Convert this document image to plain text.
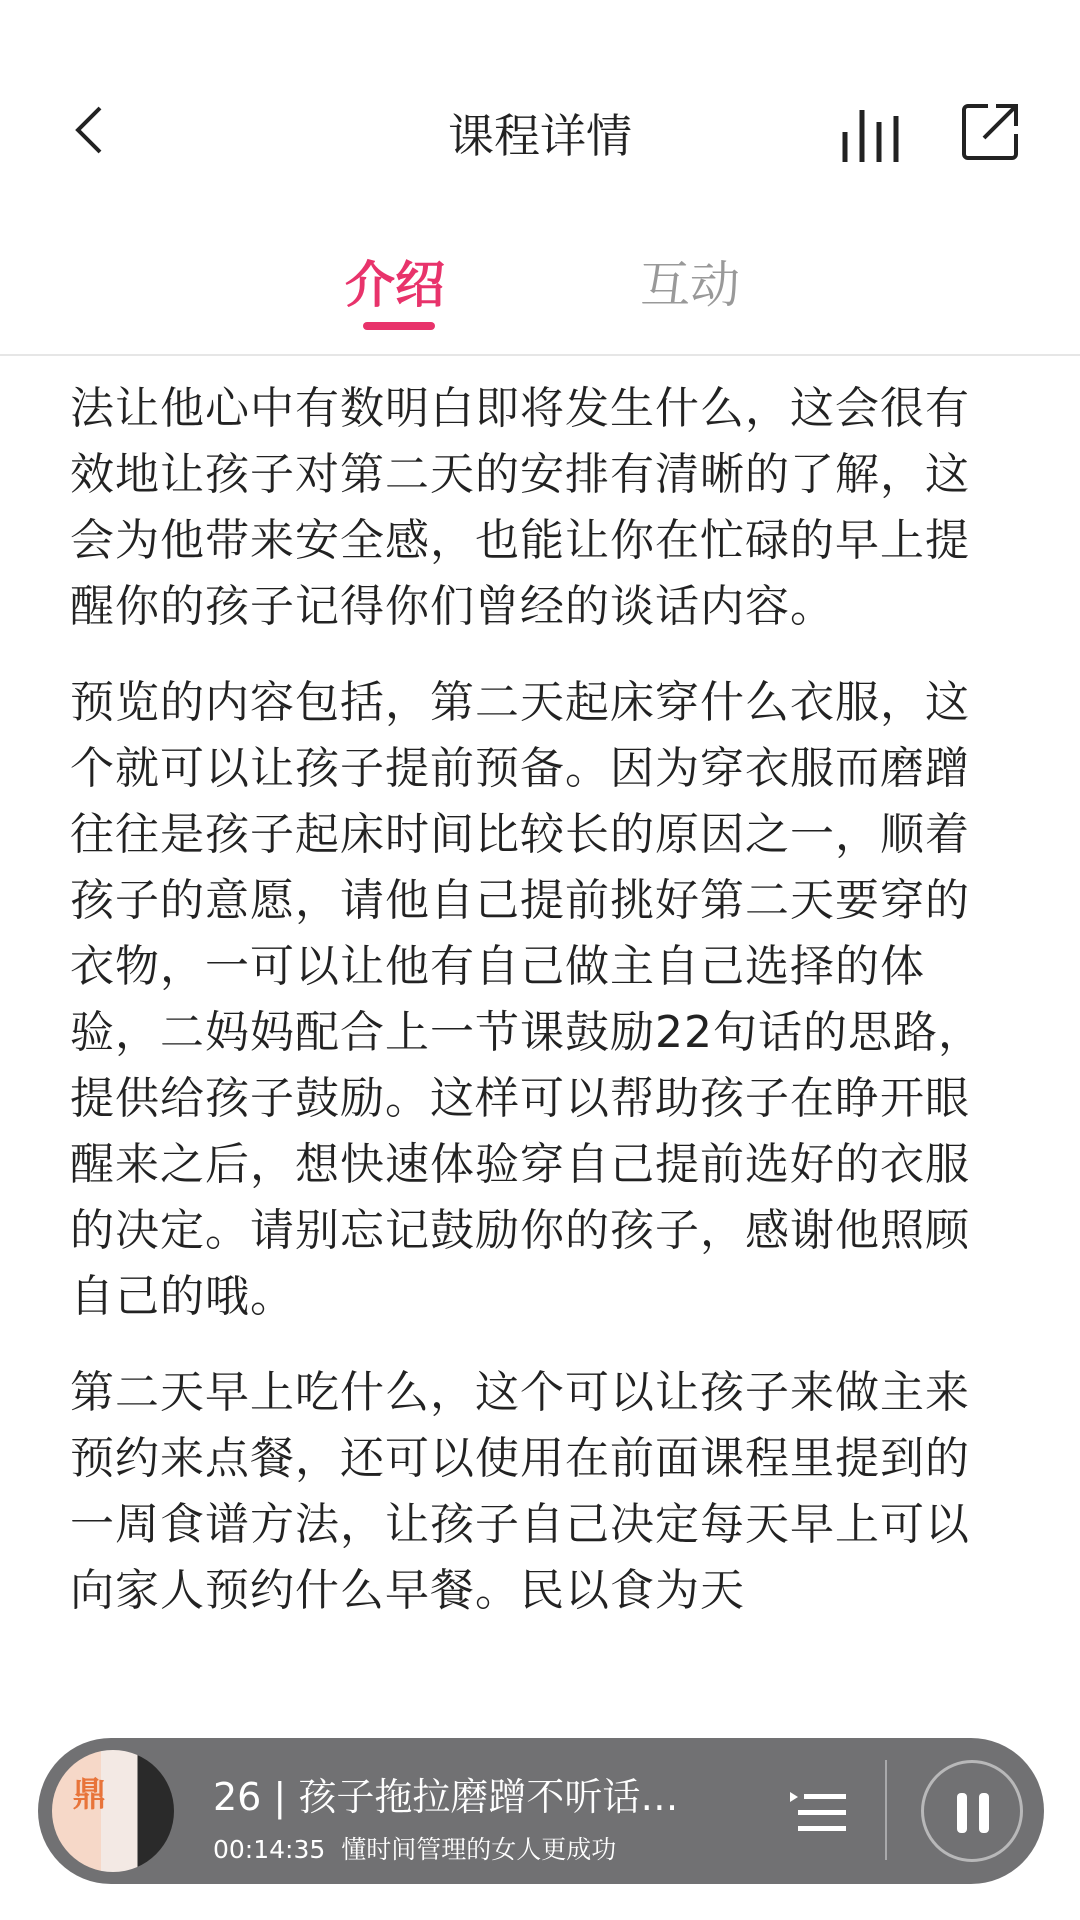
课程详情
介绍	互动

法让他心中有数明白即将发生什么，这会很有效地让孩子对第二天的安排有清晰的了解，这会为他带来安全感，也能让你在忙碌的早上提醒你的孩子记得你们曾经的谈话内容。

预览的内容包括，第二天起床穿什么衣服，这个就可以让孩子提前预备。因为穿衣服而磨蹭往往是孩子起床时间比较长的原因之一，顺着孩子的意愿，请他自己提前挑好第二天要穿的衣物，一可以让他有自己做主自己选择的体验，二妈妈配合上一节课鼓励22句话的思路，提供给孩子鼓励。这样可以帮助孩子在睁开眼醒来之后，想快速体验穿自己提前选好的衣服的决定。请别忘记鼓励你的孩子，感谢他照顾自己的哦。

第二天早上吃什么，这个可以让孩子来做主来预约来点餐，还可以使用在前面课程里提到的一周食谱方法，让孩子自己决定每天早上可以向家人预约什么早餐。民以食为天

鼎	26 | 孩子拖拉磨蹭不听话…
00:14:35 懂时间管理的女人更成功
